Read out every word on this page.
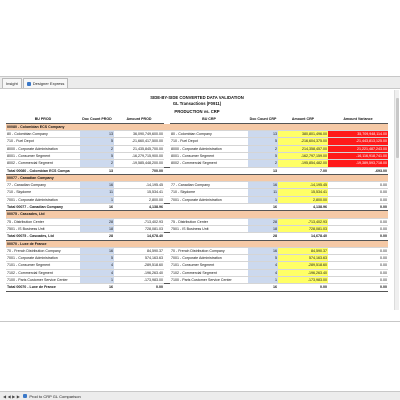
Insight	Designer Express
SIDE-BY-SIDE CONVERTED DATA VALIDATION
GL Transactions (F0911)
PRODUCTION vs. CRP
BU PROD	Doc Count PROD	Amount PROD		BU CRP	Doc Count CRP	Amount CRP	Amount Variance
00080 - Colombian ECS Company							
80 - Colombian Company	13	36,090,749,600.00		80 - Colombian Company	13	380,801,496.00	35,709,948,114.00
710 - Fuel Depot	5	-21,660,417,500.00		710 - Fuel Depot	5	-216,604,375.00	-21,443,813,125.00
8000 - Corporate Administration	2	21,435,845,700.00		8000 - Corporate Administration	2	214,358,457.00	21,221,487,243.00
8001 - Consumer Segment	5	-16,279,715,900.00		8001 - Consumer Segment	5	-162,797,159.00	-16,116,918,741.00
8002 - Commercial Segment	2	-19,585,448,200.00		8002 - Commercial Segment	2	-195,854,482.00	-19,389,593,718.00
Total 00080 - Colombian ECS Compa	13	700.00			13	7.00	-693.00
00077 - Canadian Company							
77 - Canadian Company	16	-14,195.45		77 - Canadian Company	16	-14,195.45	0.00
710 - Skydome	11	15,534.41		710 - Skydome	11	15,534.41	0.00
7001 - Corporate Administration	1	2,800.00		7001 - Corporate Administration	1	2,800.00	0.00
Total 00077 - Canadian Company	16	4,138.96			16	4,138.96	0.00
00075 - Cascades, Ltd							
75 - Distribution Center	28	-713,402.93		75 - Distribution Center	28	-713,402.93	0.00
7501 - IS Business Unit	18	728,081.03		7501 - IS Business Unit	18	728,081.03	0.00
Total 00075 - Cascades, Ltd	28	14,678.40			28	14,678.40	0.00
00070 - Luxe de France							
70 - French Distribution Company	16	84,590.37		70 - French Distribution Company	16	84,590.37	0.00
7001 - Corporate Administration	5	574,163.63		7001 - Corporate Administration	5	574,163.63	0.00
7101 - Consumer Segment	4	-289,518.60		7101 - Consumer Segment	4	-289,518.60	0.00
7102 - Commercial Segment	4	-196,263.40		7102 - Commercial Segment	4	-196,263.40	0.00
7100 - Paris Customer Service Center	1	-173,983.00		7100 - Paris Customer Service Center	1	-173,983.00	0.00
Total 00070 - Luxe de France	16	0.00			16	0.00	0.00
◀ ◀ ▶ ▶ Prod to CRP GL Comparison
